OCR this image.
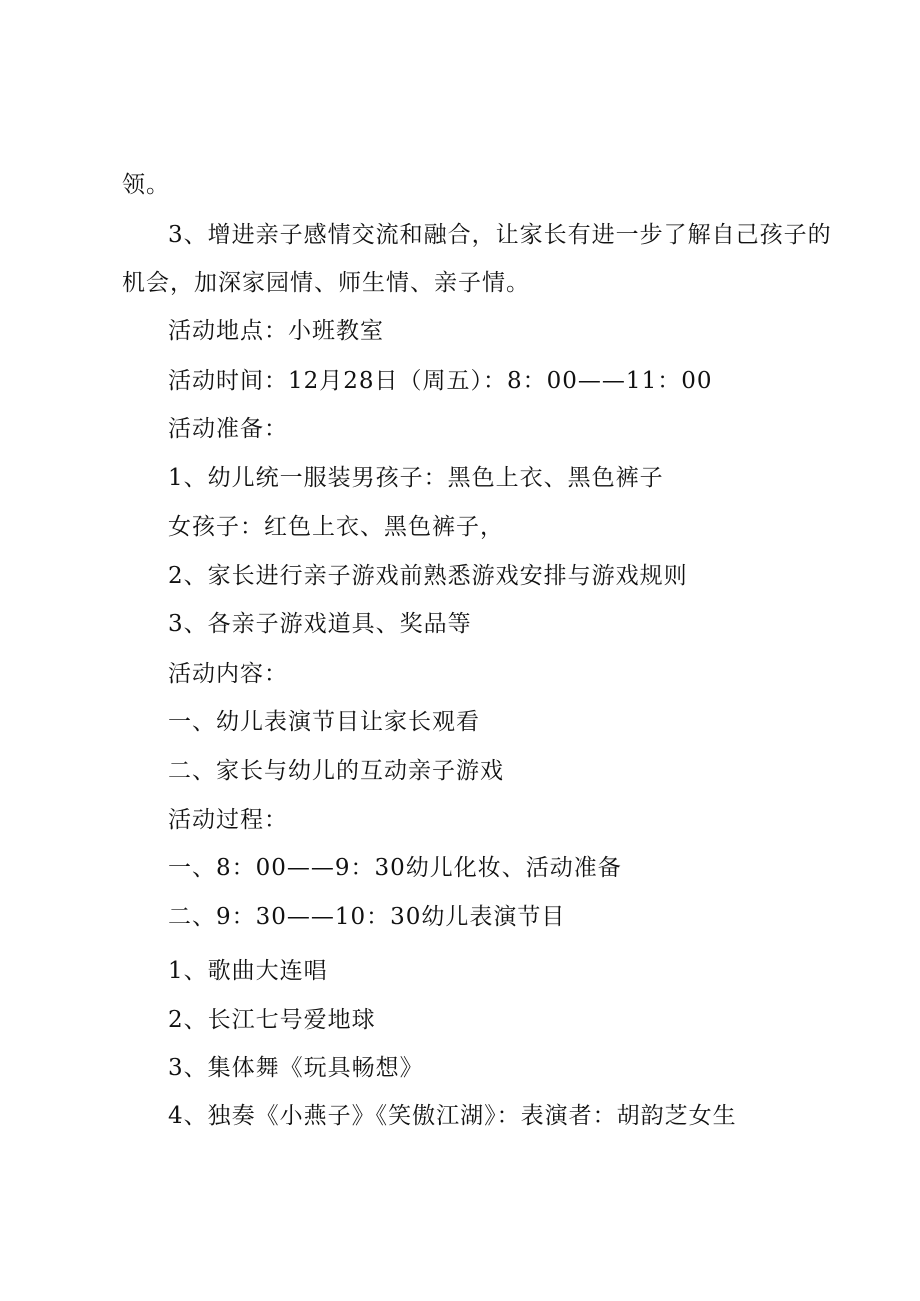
领。
3、增进亲子感情交流和融合，让家长有进一步了解自己孩子的
机会，加深家园情、师生情、亲子情。
活动地点：小班教室
活动时间：12月28日（周五）：8：00——11：00
活动准备：
1、幼儿统一服装男孩子：黑色上衣、黑色裤子
女孩子：红色上衣、黑色裤子，
2、家长进行亲子游戏前熟悉游戏安排与游戏规则
3、各亲子游戏道具、奖品等
活动内容：
一、幼儿表演节目让家长观看
二、家长与幼儿的互动亲子游戏
活动过程：
一、8：00——9：30幼儿化妆、活动准备
二、9：30——10：30幼儿表演节目
1、歌曲大连唱
2、长江七号爱地球
3、集体舞《玩具畅想》
4、独奏《小燕子》《笑傲江湖》：表演者：胡韵芝女生
